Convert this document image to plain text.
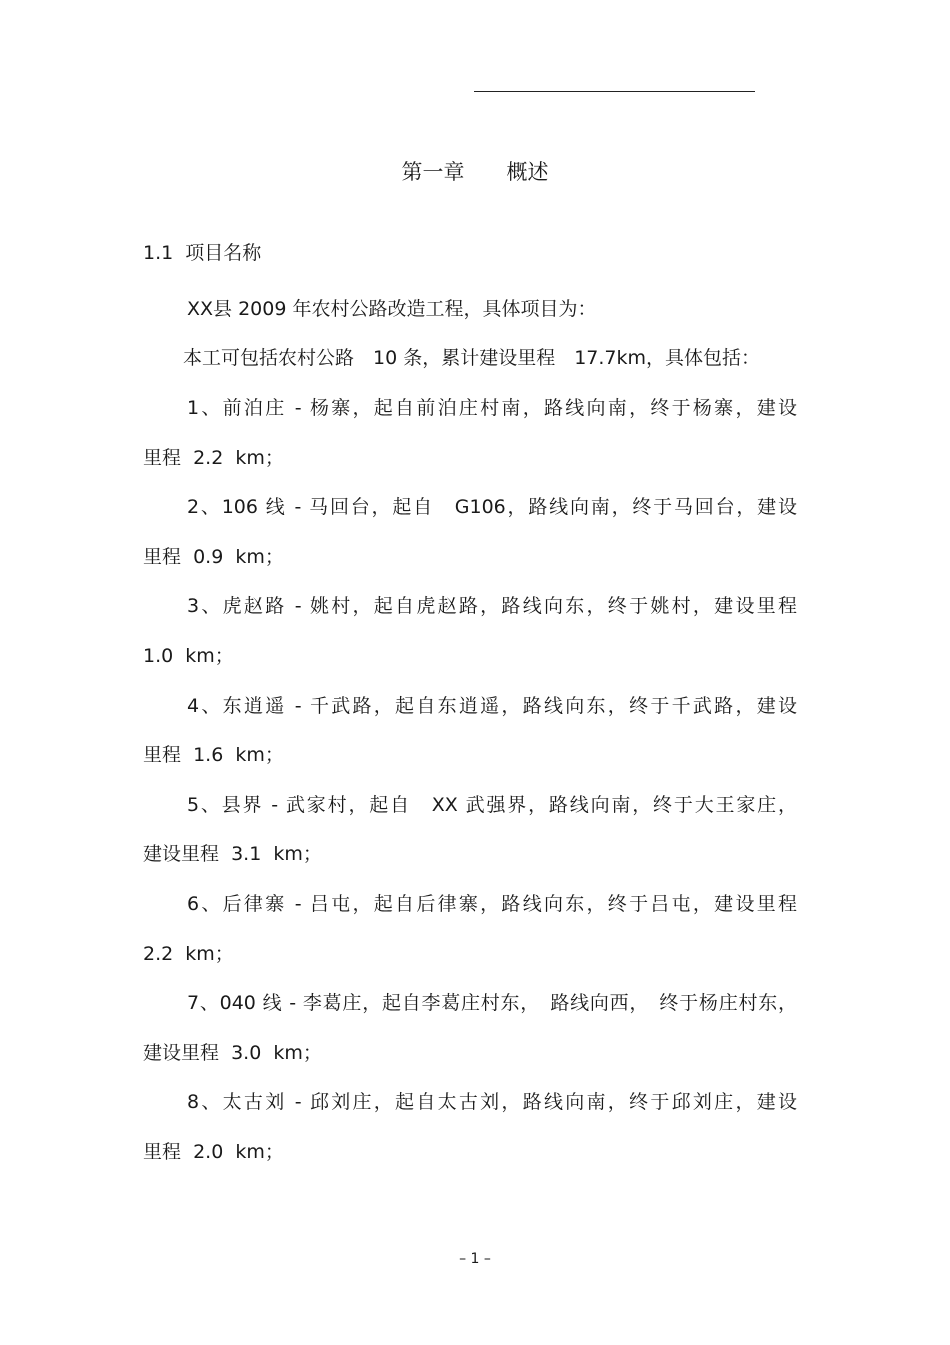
第一章　　概述
1.1  项目名称
XX县 2009 年农村公路改造工程，具体项目为：
本工可包括农村公路　10 条，累计建设里程　17.7km，具体包括：
1、前泊庄 - 杨寨，起自前泊庄村南，路线向南，终于杨寨，建设
里程  2.2  km；
2、106 线 - 马回台，起自　G106，路线向南，终于马回台，建设
里程  0.9  km；
3、虎赵路 - 姚村，起自虎赵路，路线向东，终于姚村，建设里程
1.0  km；
4、东逍遥 - 千武路，起自东逍遥，路线向东，终于千武路，建设
里程  1.6  km；
5、县界 - 武家村，起自　XX 武强界，路线向南，终于大王家庄，
建设里程  3.1  km；
6、后律寨 - 吕屯，起自后律寨，路线向东，终于吕屯，建设里程
2.2  km；
7、040 线 - 李葛庄，起自李葛庄村东，　路线向西，　终于杨庄村东，
建设里程  3.0  km；
8、太古刘 - 邱刘庄，起自太古刘，路线向南，终于邱刘庄，建设
里程  2.0  km；
– 1 –
